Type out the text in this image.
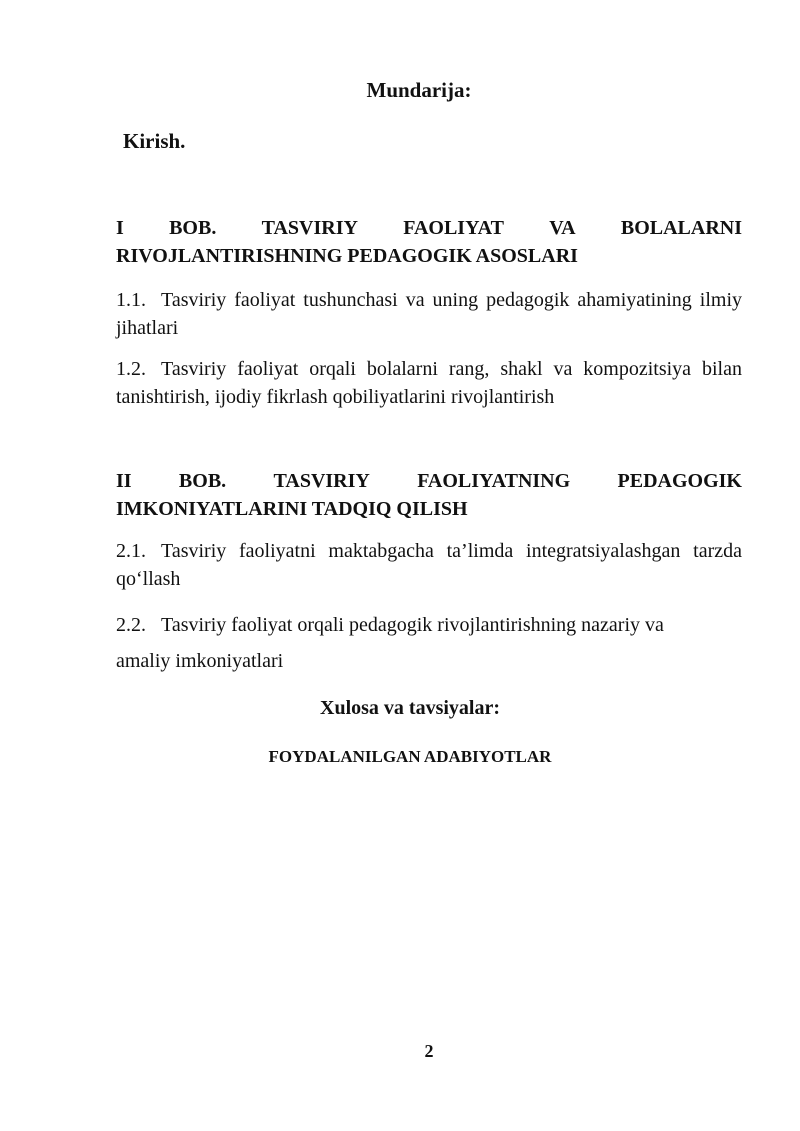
Mundarija:
Kirish.
I BOB. TASVIRIY FAOLIYAT VA BOLALARNI
RIVOJLANTIRISHNING PEDAGOGIK ASOSLARI
1.1. Tasviriy faoliyat tushunchasi va uning pedagogik ahamiyatining ilmiy jihatlari
1.2. Tasviriy faoliyat orqali bolalarni rang, shakl va kompozitsiya bilan tanishtirish, ijodiy fikrlash qobiliyatlarini rivojlantirish
II BOB. TASVIRIY FAOLIYATNING PEDAGOGIK
IMKONIYATLARINI TADQIQ QILISH
2.1. Tasviriy faoliyatni maktabgacha ta’limda integratsiyalashgan tarzda qo‘llash
2.2. Tasviriy faoliyat orqali pedagogik rivojlantirishning nazariy va amaliy imkoniyatlari
Xulosa va tavsiyalar:
FOYDALANILGAN ADABIYOTLAR
2
